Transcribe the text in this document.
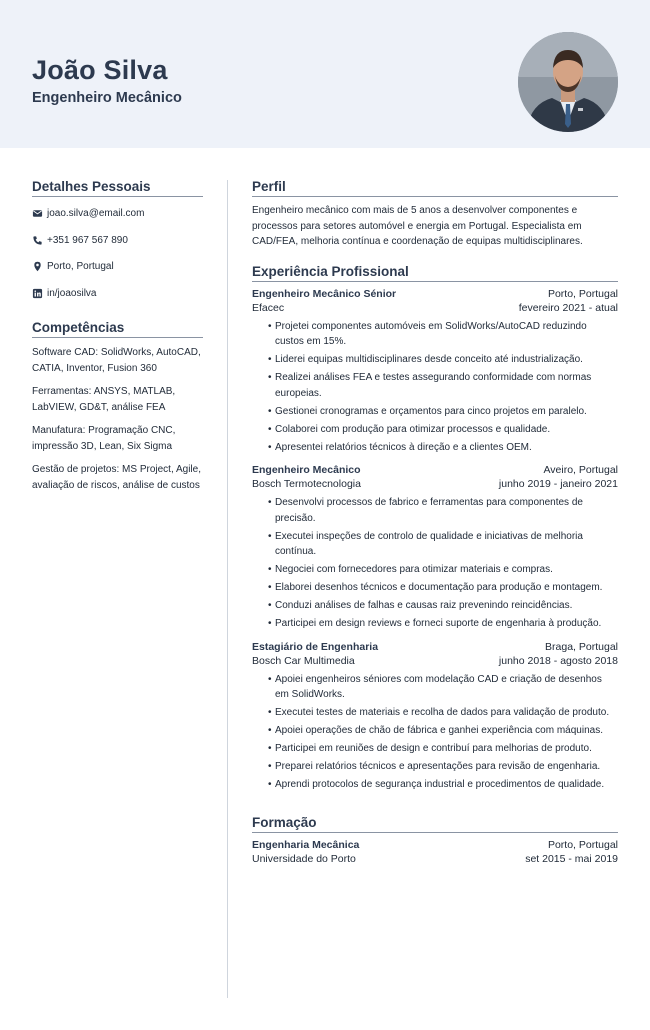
João Silva
Engenheiro Mecânico
Detalhes Pessoais
joao.silva@email.com
+351 967 567 890
Porto, Portugal
in/joaosilva
Competências
Software CAD: SolidWorks, AutoCAD, CATIA, Inventor, Fusion 360
Ferramentas: ANSYS, MATLAB, LabVIEW, GD&T, análise FEA
Manufatura: Programação CNC, impressão 3D, Lean, Six Sigma
Gestão de projetos: MS Project, Agile, avaliação de riscos, análise de custos
Perfil
Engenheiro mecânico com mais de 5 anos a desenvolver componentes e processos para setores automóvel e energia em Portugal. Especialista em CAD/FEA, melhoria contínua e coordenação de equipas multidisciplinares.
Experiência Profissional
Engenheiro Mecânico Sénior	Porto, Portugal
Efacec	fevereiro 2021 - atual
• Projetei componentes automóveis em SolidWorks/AutoCAD reduzindo custos em 15%.
• Liderei equipas multidisciplinares desde conceito até industrialização.
• Realizei análises FEA e testes assegurando conformidade com normas europeias.
• Gestionei cronogramas e orçamentos para cinco projetos em paralelo.
• Colaborei com produção para otimizar processos e qualidade.
• Apresentei relatórios técnicos à direção e a clientes OEM.
Engenheiro Mecânico	Aveiro, Portugal
Bosch Termotecnologia	junho 2019 - janeiro 2021
• Desenvolvi processos de fabrico e ferramentas para componentes de precisão.
• Executei inspeções de controlo de qualidade e iniciativas de melhoria contínua.
• Negociei com fornecedores para otimizar materiais e compras.
• Elaborei desenhos técnicos e documentação para produção e montagem.
• Conduzi análises de falhas e causas raiz prevenindo reincidências.
• Participei em design reviews e forneci suporte de engenharia à produção.
Estagiário de Engenharia	Braga, Portugal
Bosch Car Multimedia	junho 2018 - agosto 2018
• Apoiei engenheiros séniores com modelação CAD e criação de desenhos em SolidWorks.
• Executei testes de materiais e recolha de dados para validação de produto.
• Apoiei operações de chão de fábrica e ganhei experiência com máquinas.
• Participei em reuniões de design e contribuí para melhorias de produto.
• Preparei relatórios técnicos e apresentações para revisão de engenharia.
• Aprendi protocolos de segurança industrial e procedimentos de qualidade.
Formação
Engenharia Mecânica	Porto, Portugal
Universidade do Porto	set 2015 - mai 2019
